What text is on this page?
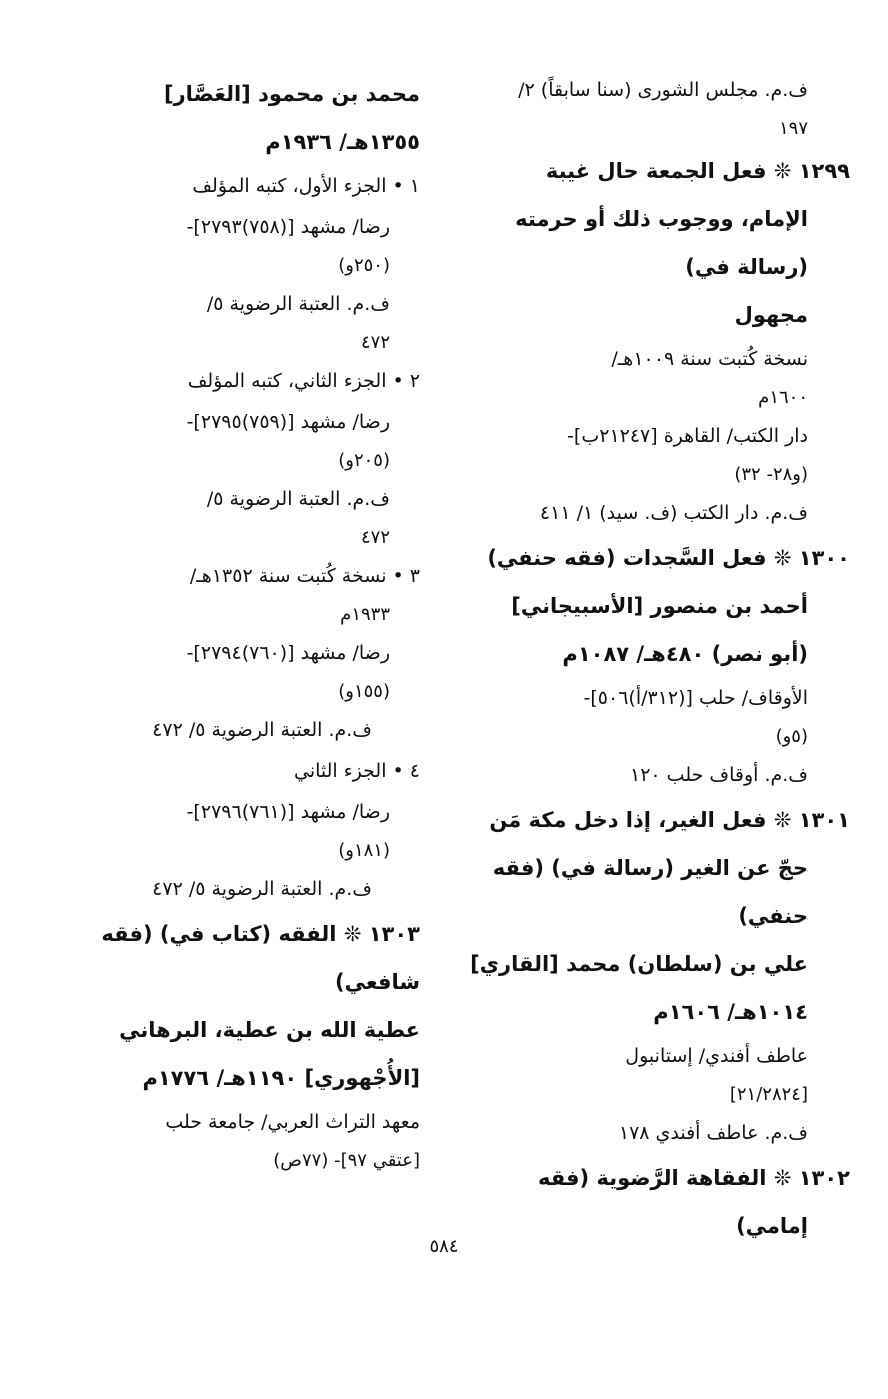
ف.م. مجلس الشورى (سنا سابقاً) ٢/
١٩٧
١٢٩٩ ❊ فعل الجمعة حال غيبة
الإمام، ووجوب ذلك أو حرمته
(رسالة في)
مجهول
نسخة كُتبت سنة ١٠٠٩هـ/
١٦٠٠م
دار الكتب/ القاهرة [٢١٢٤٧ب]-
(و٢٨- ٣٢)
ف.م. دار الكتب (ف. سيد) ١/ ٤١١
١٣٠٠ ❊ فعل السَّجدات (فقه حنفي)
أحمد بن منصور [الأسبيجاني]
(أبو نصر) ٤٨٠هـ/ ١٠٨٧م
الأوقاف/ حلب [(٣١٢/أ)٥٠٦]-
(٥و)
ف.م. أوقاف حلب ١٢٠
١٣٠١ ❊ فعل الغير، إذا دخل مكة مَن
حجّ عن الغير (رسالة في) (فقه
حنفي)
علي بن (سلطان) محمد [القاري]
١٠١٤هـ/ ١٦٠٦م
عاطف أفندي/ إستانبول
[٢١/٢٨٢٤]
ف.م. عاطف أفندي ١٧٨
١٣٠٢ ❊ الفقاهة الرَّضوية (فقه
إمامي)
محمد بن محمود [العَصَّار]
١٣٥٥هـ/ ١٩٣٦م
١ • الجزء الأول، كتبه المؤلف
رضا/ مشهد [(٧٥٨)٢٧٩٣]-
(٢٥٠و)
ف.م. العتبة الرضوية ٥/
٤٧٢
٢ • الجزء الثاني، كتبه المؤلف
رضا/ مشهد [(٧٥٩)٢٧٩٥]-
(٢٠٥و)
ف.م. العتبة الرضوية ٥/
٤٧٢
٣ • نسخة كُتبت سنة ١٣٥٢هـ/
١٩٣٣م
رضا/ مشهد [(٧٦٠)٢٧٩٤]-
(١٥٥و)
ف.م. العتبة الرضوية ٥/ ٤٧٢
٤ • الجزء الثاني
رضا/ مشهد [(٧٦١)٢٧٩٦]-
(١٨١و)
ف.م. العتبة الرضوية ٥/ ٤٧٢
١٣٠٣ ❊ الفقه (كتاب في) (فقه
شافعي)
عطية الله بن عطية، البرهاني
[الأُجْهوري] ١١٩٠هـ/ ١٧٧٦م
معهد التراث العربي/ جامعة حلب
[عتقي ٩٧]- (٧٧ص)
٥٨٤
